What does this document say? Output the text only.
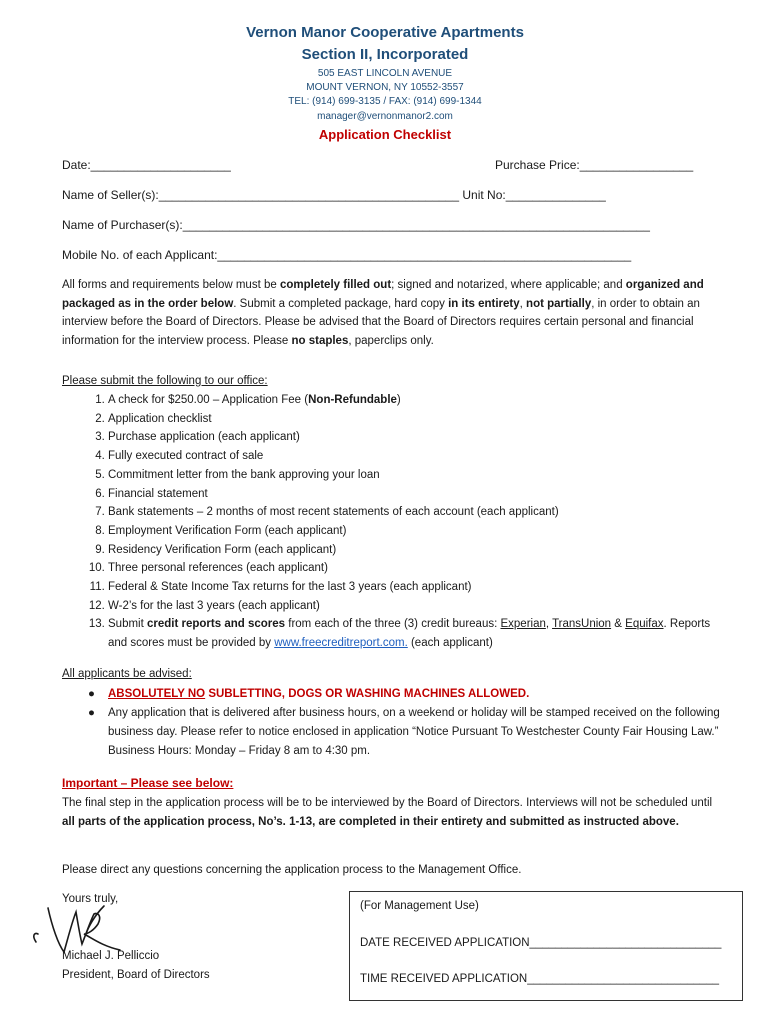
Vernon Manor Cooperative Apartments
Section II, Incorporated
505 EAST LINCOLN AVENUE
MOUNT VERNON, NY 10552-3557
TEL: (914) 699-3135 / FAX: (914) 699-1344
manager@vernonmanor2.com
Application Checklist
Date:_____________________	Purchase Price:_________________
Name of Seller(s):_____________________________________________ Unit No:_______________
Name of Purchaser(s):______________________________________________________________________
Mobile No. of each Applicant:______________________________________________________________
All forms and requirements below must be completely filled out; signed and notarized, where applicable; and organized and packaged as in the order below. Submit a completed package, hard copy in its entirety, not partially, in order to obtain an interview before the Board of Directors. Please be advised that the Board of Directors requires certain personal and financial information for the interview process. Please no staples, paperclips only.
Please submit the following to our office:
1. A check for $250.00 – Application Fee (Non-Refundable)
2. Application checklist
3. Purchase application (each applicant)
4. Fully executed contract of sale
5. Commitment letter from the bank approving your loan
6. Financial statement
7. Bank statements – 2 months of most recent statements of each account (each applicant)
8. Employment Verification Form (each applicant)
9. Residency Verification Form (each applicant)
10. Three personal references (each applicant)
11. Federal & State Income Tax returns for the last 3 years (each applicant)
12. W-2’s for the last 3 years (each applicant)
13. Submit credit reports and scores from each of the three (3) credit bureaus: Experian, TransUnion & Equifax. Reports and scores must be provided by www.freecreditreport.com. (each applicant)
All applicants be advised:
● ABSOLUTELY NO SUBLETTING, DOGS OR WASHING MACHINES ALLOWED.
● Any application that is delivered after business hours, on a weekend or holiday will be stamped received on the following business day. Please refer to notice enclosed in application “Notice Pursuant To Westchester County Fair Housing Law.” Business Hours: Monday – Friday 8 am to 4:30 pm.
Important – Please see below:
The final step in the application process will be to be interviewed by the Board of Directors. Interviews will not be scheduled until all parts of the application process, No’s. 1-13, are completed in their entirety and submitted as instructed above.
Please direct any questions concerning the application process to the Management Office.
Yours truly,
Michael J. Pelliccio
President, Board of Directors
(For Management Use)
DATE RECEIVED APPLICATION______________________________
TIME RECEIVED APPLICATION______________________________
